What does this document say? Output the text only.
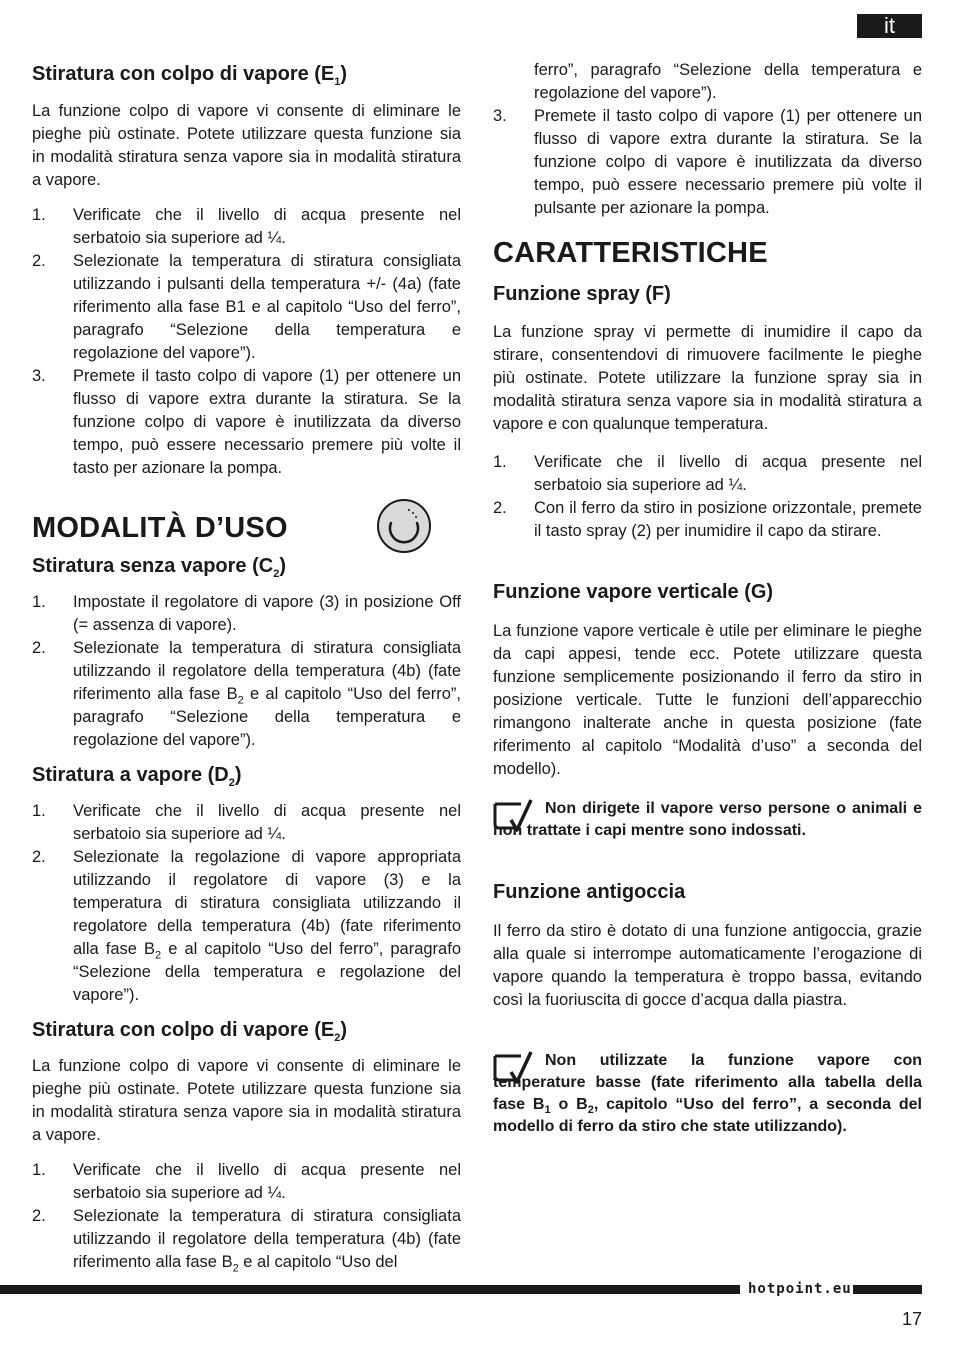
it
Stiratura con colpo di vapore $(E_1)$

La funzione colpo di vapore vi consente di eliminare le pieghe più ostinate. Potete utilizzare questa funzione sia in modalità stiratura senza vapore sia in modalità stiratura a vapore.

1. Verificate che il livello di acqua presente nel serbatoio sia superiore ad ¼.
2. Selezionate la temperatura di stiratura consigliata utilizzando i pulsanti della temperatura +/- (4a) (fate riferimento alla fase B1 e al capitolo “Uso del ferro”, paragrafo “Selezione della temperatura e regolazione del vapore”).
3. Premete il tasto colpo di vapore (1) per ottenere un flusso di vapore extra durante la stiratura. Se la funzione colpo di vapore è inutilizzata da diverso tempo, può essere necessario premere più volte il tasto per azionare la pompa.
MODALITÀ D’USO
Stiratura senza vapore $(C_2)$
1. Impostate il regolatore di vapore (3) in posizione Off (= assenza di vapore).
2. Selezionate la temperatura di stiratura consigliata utilizzando il regolatore della temperatura (4b) (fate riferimento alla fase $B_2$ e al capitolo “Uso del ferro”, paragrafo “Selezione della temperatura e regolazione del vapore”).
Stiratura a vapore $(D_2)$
1. Verificate che il livello di acqua presente nel serbatoio sia superiore ad ¼.
2. Selezionate la regolazione di vapore appropriata utilizzando il regolatore di vapore (3) e la temperatura di stiratura consigliata utilizzando il regolatore della temperatura (4b) (fate riferimento alla fase $B_2$ e al capitolo “Uso del ferro”, paragrafo “Selezione della temperatura e regolazione del vapore”).
Stiratura con colpo di vapore $(E_2)$

La funzione colpo di vapore vi consente di eliminare le pieghe più ostinate. Potete utilizzare questa funzione sia in modalità stiratura senza vapore sia in modalità stiratura a vapore.

1. Verificate che il livello di acqua presente nel serbatoio sia superiore ad ¼.
2. Selezionate la temperatura di stiratura consigliata utilizzando il regolatore della temperatura (4b) (fate riferimento alla fase $B_2$ e al capitolo “Uso del

ferro”, paragrafo “Selezione della temperatura e regolazione del vapore”).

3. Premete il tasto colpo di vapore (1) per ottenere un flusso di vapore extra durante la stiratura. Se la funzione colpo di vapore è inutilizzata da diverso tempo, può essere necessario premere più volte il pulsante per azionare la pompa.
CARATTERISTICHE
Funzione spray (F)

La funzione spray vi permette di inumidire il capo da stirare, consentendovi di rimuovere facilmente le pieghe più ostinate. Potete utilizzare la funzione spray sia in modalità stiratura senza vapore sia in modalità stiratura a vapore e con qualunque temperatura.

1. Verificate che il livello di acqua presente nel serbatoio sia superiore ad ¼.
2. Con il ferro da stiro in posizione orizzontale, premete il tasto spray (2) per inumidire il capo da stirare.
Funzione vapore verticale (G)

La funzione vapore verticale è utile per eliminare le pieghe da capi appesi, tende ecc. Potete utilizzare questa funzione semplicemente posizionando il ferro da stiro in posizione verticale. Tutte le funzioni dell’apparecchio rimangono inalterate anche in questa posizione (fate riferimento al capitolo “Modalità d’uso” a seconda del modello).

Non dirigete il vapore verso persone o animali e non trattate i capi mentre sono indossati.

Funzione antigoccia

Il ferro da stiro è dotato di una funzione antigoccia, grazie alla quale si interrompe automaticamente l’erogazione di vapore quando la temperatura è troppo bassa, evitando così la fuoriuscita di gocce d’acqua dalla piastra.

Non utilizzate la funzione vapore con temperature basse (fate riferimento alla tabella della fase $B_1$ o $B_2$, capitolo “Uso del ferro”, a seconda del modello di ferro da stiro che state utilizzando).

hotpoint.eu
17
